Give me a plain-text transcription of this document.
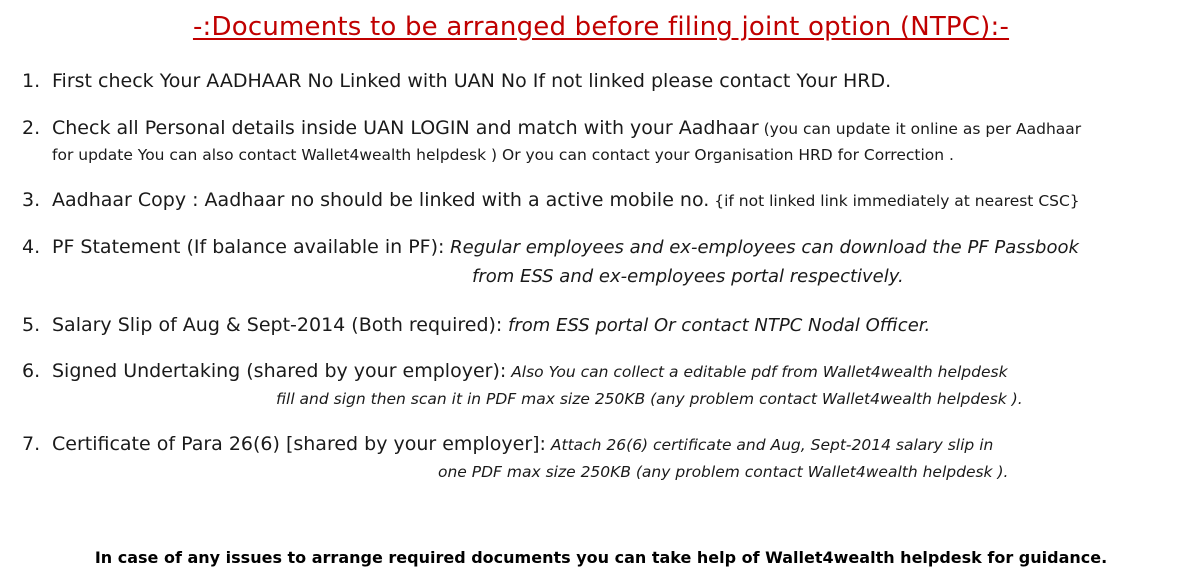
-:Documents to be arranged before filing joint option (NTPC):-
1. First check Your AADHAAR No Linked with UAN No If not linked please contact Your HRD.
2. Check all Personal details inside UAN LOGIN and match with your Aadhaar (you can update it online as per Aadhaar
for update You can also contact Wallet4wealth helpdesk ) Or you can contact your Organisation HRD for Correction .
3. Aadhaar Copy : Aadhaar no should be linked with a active mobile no. {if not linked link immediately at nearest CSC}
4. PF Statement (If balance available in PF): Regular employees and ex-employees can download the PF Passbook
from ESS and ex-employees portal respectively.
5. Salary Slip of Aug & Sept-2014 (Both required): from ESS portal Or contact NTPC Nodal Officer.
6. Signed Undertaking (shared by your employer): Also You can collect a editable pdf from Wallet4wealth helpdesk
fill and sign then scan it in PDF max size 250KB (any problem contact Wallet4wealth helpdesk ).
7. Certificate of Para 26(6) [shared by your employer]: Attach 26(6) certificate and Aug, Sept-2014 salary slip in
one PDF max size 250KB (any problem contact Wallet4wealth helpdesk ).
In case of any issues to arrange required documents you can take help of Wallet4wealth helpdesk for guidance.
